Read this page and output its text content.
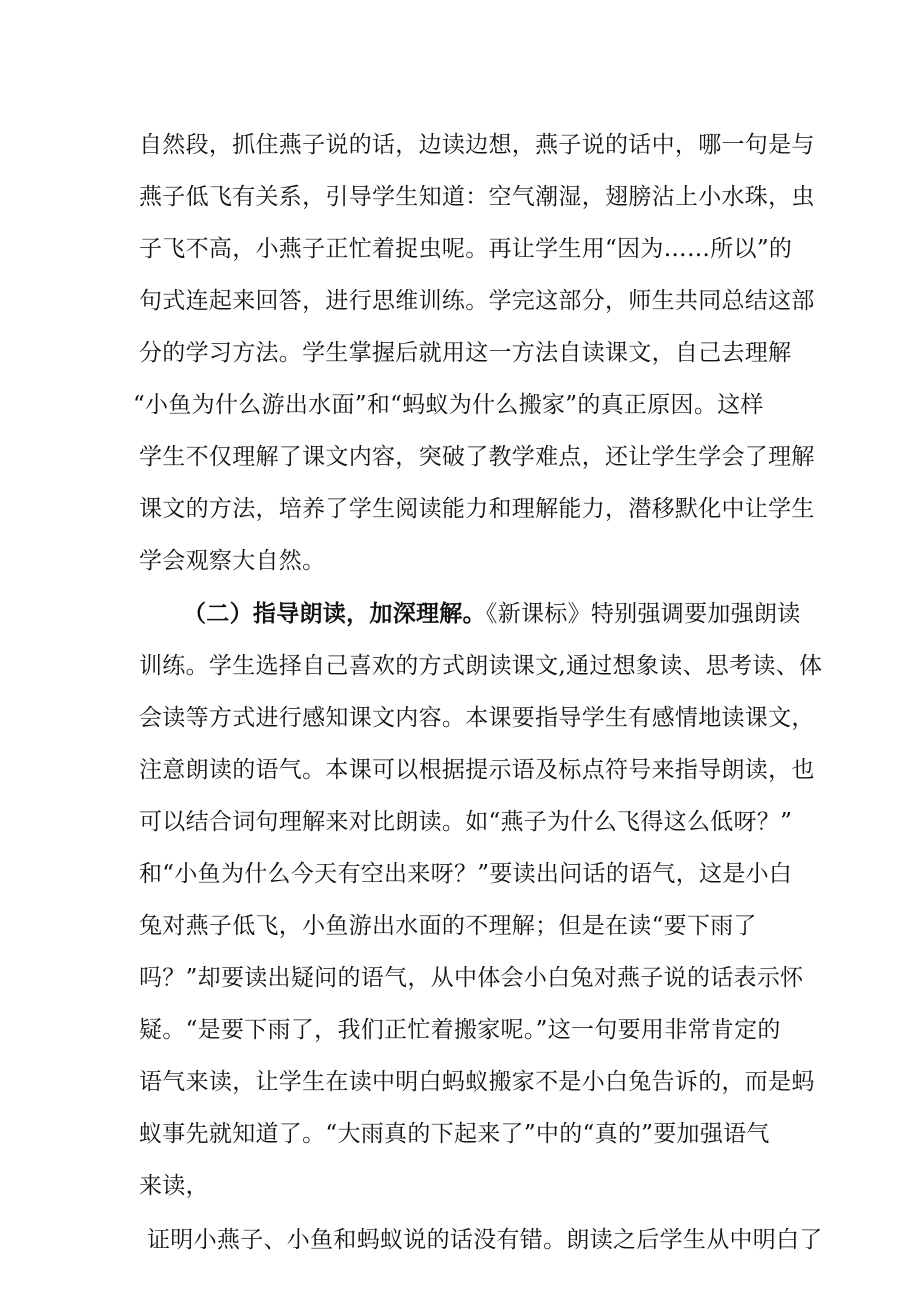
自然段，抓住燕子说的话，边读边想，燕子说的话中，哪一句是与
燕子低飞有关系，引导学生知道：空气潮湿，翅膀沾上小水珠，虫
子飞不高，小燕子正忙着捉虫呢。再让学生用“因为……所以”的
句式连起来回答，进行思维训练。学完这部分，师生共同总结这部
分的学习方法。学生掌握后就用这一方法自读课文，自己去理解
“小鱼为什么游出水面”和“蚂蚁为什么搬家”的真正原因。这样
学生不仅理解了课文内容，突破了教学难点，还让学生学会了理解
课文的方法，培养了学生阅读能力和理解能力，潜移默化中让学生
学会观察大自然。
（二）指导朗读，加深理解。《新课标》特别强调要加强朗读
训练。学生选择自己喜欢的方式朗读课文,通过想象读、思考读、体
会读等方式进行感知课文内容。本课要指导学生有感情地读课文，
注意朗读的语气。本课可以根据提示语及标点符号来指导朗读，也
可以结合词句理解来对比朗读。如“燕子为什么飞得这么低呀？”
和“小鱼为什么今天有空出来呀？”要读出问话的语气，这是小白
兔对燕子低飞，小鱼游出水面的不理解；但是在读“要下雨了
吗？”却要读出疑问的语气，从中体会小白兔对燕子说的话表示怀
疑。“是要下雨了，我们正忙着搬家呢。”这一句要用非常肯定的
语气来读，让学生在读中明白蚂蚁搬家不是小白兔告诉的，而是蚂
蚁事先就知道了。“大雨真的下起来了”中的“真的”要加强语气
来读，
证明小燕子、小鱼和蚂蚁说的话没有错。朗读之后学生从中明白了
